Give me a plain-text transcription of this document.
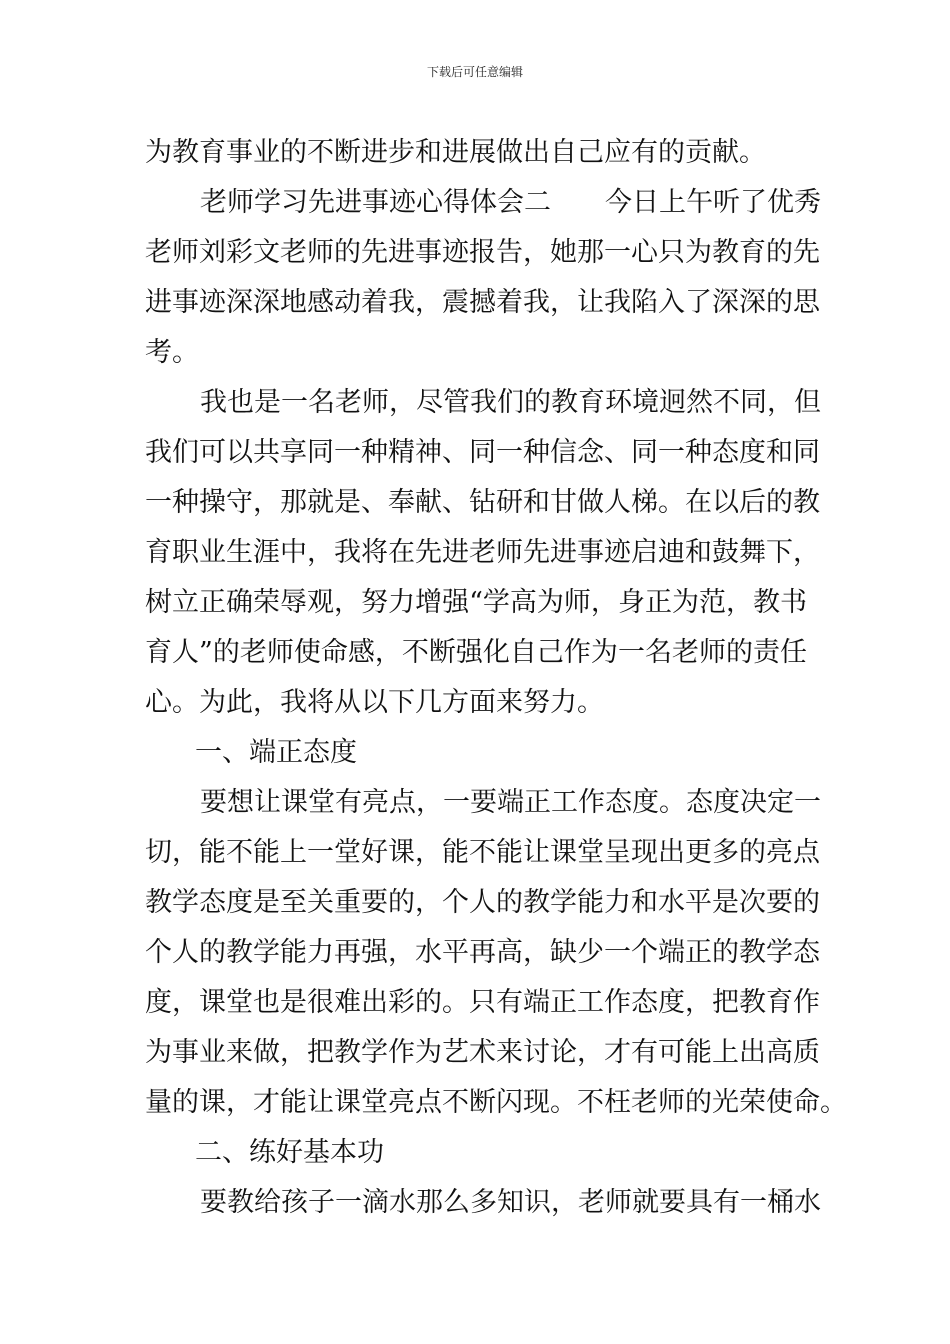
下载后可任意编辑
为教育事业的不断进步和进展做出自己应有的贡献。
老师学习先进事迹心得体会二　　今日上午听了优秀
老师刘彩文老师的先进事迹报告，她那一心只为教育的先
进事迹深深地感动着我，震撼着我，让我陷入了深深的思
考。
我也是一名老师，尽管我们的教育环境迥然不同，但
我们可以共享同一种精神、同一种信念、同一种态度和同
一种操守，那就是、奉献、钻研和甘做人梯。在以后的教
育职业生涯中，我将在先进老师先进事迹启迪和鼓舞下，
树立正确荣辱观，努力增强“学高为师，身正为范，教书
育人”的老师使命感，不断强化自己作为一名老师的责任
心。为此，我将从以下几方面来努力。
一、端正态度
要想让课堂有亮点，一要端正工作态度。态度决定一
切，能不能上一堂好课，能不能让课堂呈现出更多的亮点
教学态度是至关重要的，个人的教学能力和水平是次要的
个人的教学能力再强，水平再高，缺少一个端正的教学态
度，课堂也是很难出彩的。只有端正工作态度，把教育作
为事业来做，把教学作为艺术来讨论，才有可能上出高质
量的课，才能让课堂亮点不断闪现。不枉老师的光荣使命。
二、练好基本功
要教给孩子一滴水那么多知识，老师就要具有一桶水
